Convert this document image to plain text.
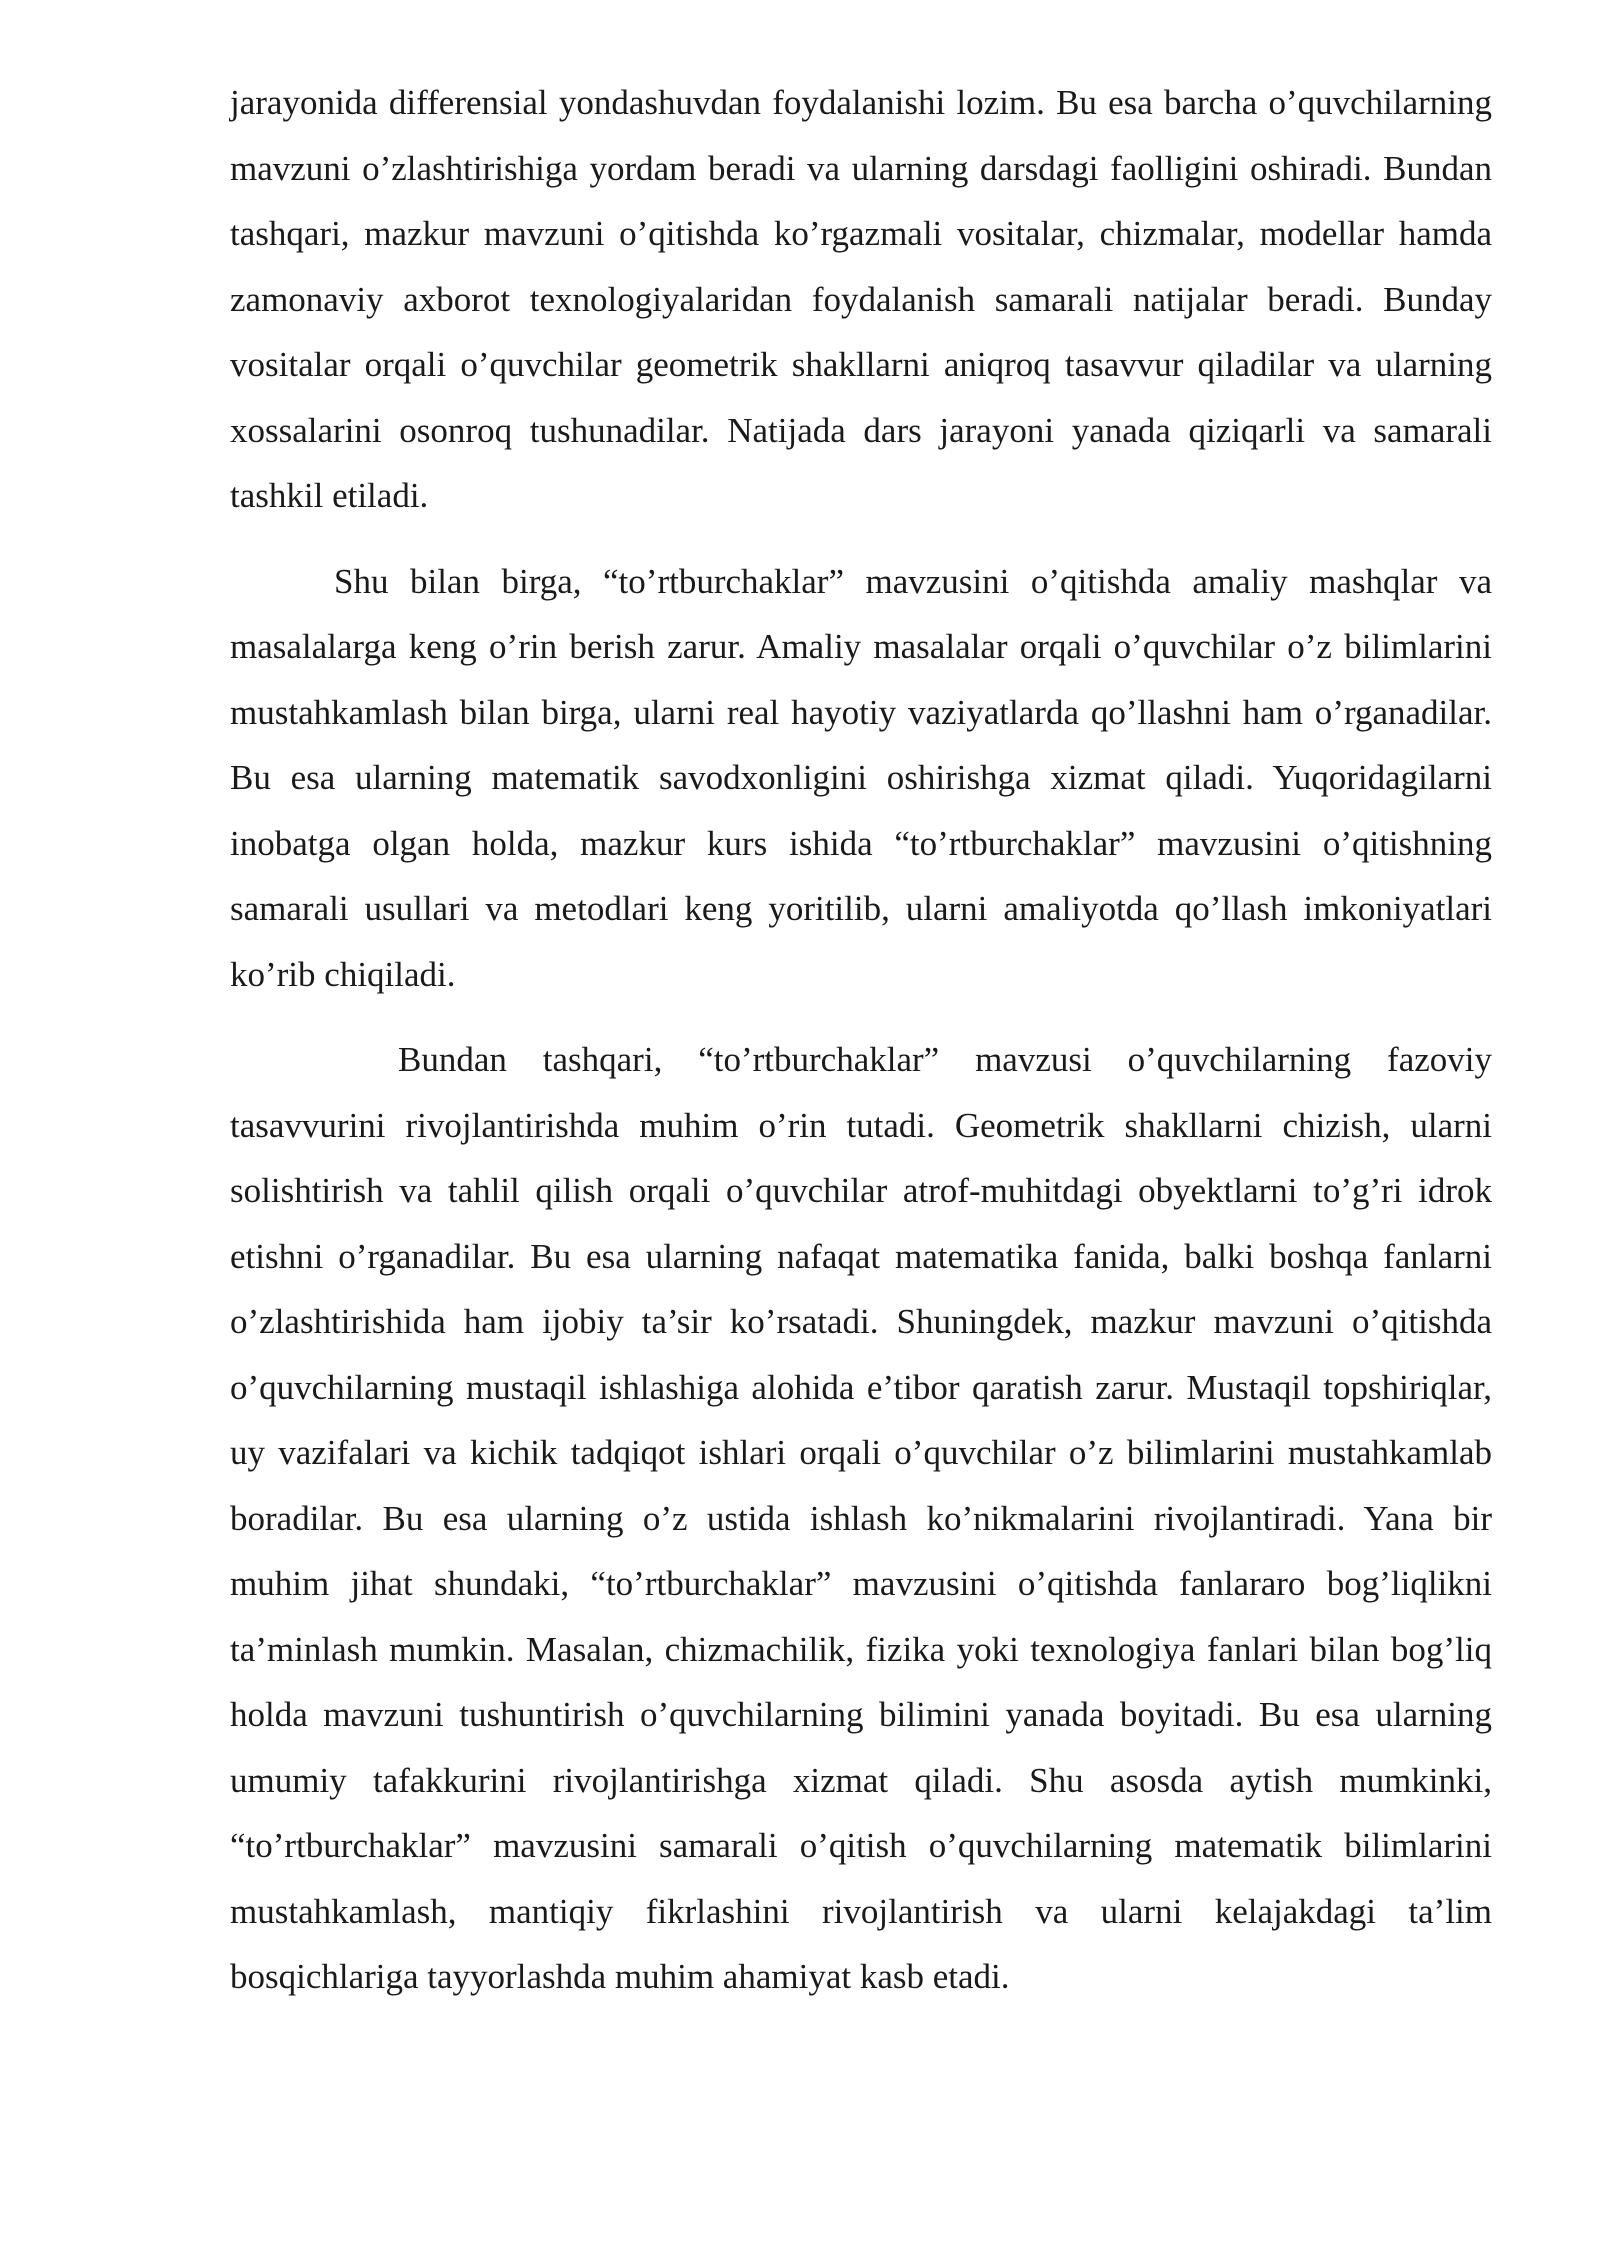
jarayonida differensial yondashuvdan foydalanishi lozim. Bu esa barcha o’quvchilarning mavzuni o’zlashtirishiga yordam beradi va ularning darsdagi faolligini oshiradi. Bundan tashqari, mazkur mavzuni o’qitishda ko’rgazmali vositalar, chizmalar, modellar hamda zamonaviy axborot texnologiyalaridan foydalanish samarali natijalar beradi. Bunday vositalar orqali o’quvchilar geometrik shakllarni aniqroq tasavvur qiladilar va ularning xossalarini osonroq tushunadilar. Natijada dars jarayoni yanada qiziqarli va samarali tashkil etiladi.

Shu bilan birga, “to’rtburchaklar” mavzusini o’qitishda amaliy mashqlar va masalalarga keng o’rin berish zarur. Amaliy masalalar orqali o’quvchilar o’z bilimlarini mustahkamlash bilan birga, ularni real hayotiy vaziyatlarda qo’llashni ham o’rganadilar. Bu esa ularning matematik savodxonligini oshirishga xizmat qiladi. Yuqoridagilarni inobatga olgan holda, mazkur kurs ishida “to’rtburchaklar” mavzusini o’qitishning samarali usullari va metodlari keng yoritilib, ularni amaliyotda qo’llash imkoniyatlari ko’rib chiqiladi.

Bundan tashqari, “to’rtburchaklar” mavzusi o’quvchilarning fazoviy tasavvurini rivojlantirishda muhim o’rin tutadi. Geometrik shakllarni chizish, ularni solishtirish va tahlil qilish orqali o’quvchilar atrof-muhitdagi obyektlarni to’g’ri idrok etishni o’rganadilar. Bu esa ularning nafaqat matematika fanida, balki boshqa fanlarni o’zlashtirishida ham ijobiy ta’sir ko’rsatadi. Shuningdek, mazkur mavzuni o’qitishda o’quvchilarning mustaqil ishlashiga alohida e’tibor qaratish zarur. Mustaqil topshiriqlar, uy vazifalari va kichik tadqiqot ishlari orqali o’quvchilar o’z bilimlarini mustahkamlab boradilar. Bu esa ularning o’z ustida ishlash ko’nikmalarini rivojlantiradi. Yana bir muhim jihat shundaki, “to’rtburchaklar” mavzusini o’qitishda fanlararo bog’liqlikni ta’minlash mumkin. Masalan, chizmachilik, fizika yoki texnologiya fanlari bilan bog’liq holda mavzuni tushuntirish o’quvchilarning bilimini yanada boyitadi. Bu esa ularning umumiy tafakkurini rivojlantirishga xizmat qiladi. Shu asosda aytish mumkinki, “to’rtburchaklar” mavzusini samarali o’qitish o’quvchilarning matematik bilimlarini mustahkamlash, mantiqiy fikrlashini rivojlantirish va ularni kelajakdagi ta’lim bosqichlariga tayyorlashda muhim ahamiyat kasb etadi.
